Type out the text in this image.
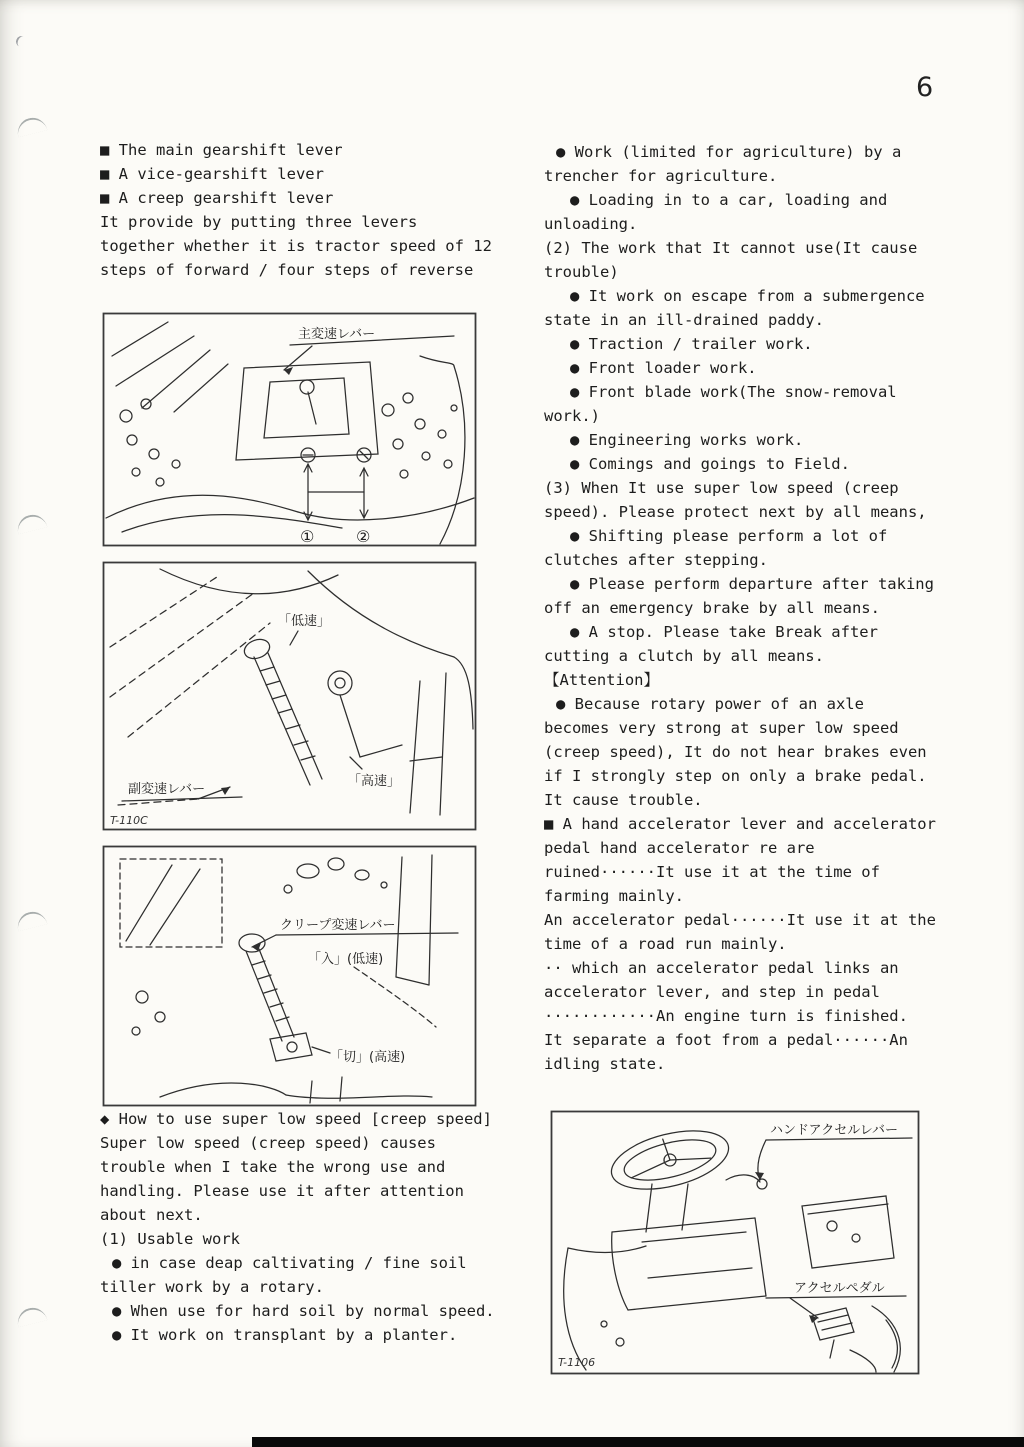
6

■ The main gearshift lever

■ A vice-gearshift lever

■ A creep gearshift lever

It provide by putting three levers together whether it is tractor speed of 12 steps of forward / four steps of reverse

主変速レバー
①	②
「低速」
「高速」
副変速レバー
T-110C
クリープ変速レバー
「入」(低速)
「切」(高速)

◆ How to use super low speed [creep speed]

Super low speed (creep speed) causes trouble when I take the wrong use and handling. Please use it after attention about next.

(1) Usable work

● in case deap caltivating / fine soil tiller work by a rotary.

● When use for hard soil by normal speed.

● It work on transplant by a planter.

● Work (limited for agriculture) by a trencher for agriculture.

● Loading in to a car, loading and unloading.

(2) The work that It cannot use(It cause trouble)

● It work on escape from a submergence state in an ill-drained paddy.

● Traction / trailer work.

● Front loader work.

● Front blade work(The snow-removal work.)

● Engineering works work.

● Comings and goings to Field.

(3) When It use super low speed (creep speed). Please protect next by all means,

● Shifting please perform a lot of clutches after stepping.

● Please perform departure after taking off an emergency brake by all means.

● A stop. Please take Break after cutting a clutch by all means.

【Attention】

● Because rotary power of an axle becomes very strong at super low speed (creep speed), It do not hear brakes even if I strongly step on only a brake pedal. It cause trouble.

■ A hand accelerator lever and accelerator pedal hand accelerator re are ruined······It use it at the time of farming mainly.

An accelerator pedal······It use it at the time of a road run mainly.

·· which an accelerator pedal links an accelerator lever, and step in pedal ············An engine turn is finished.

It separate a foot from a pedal······An idling state.

ハンドアクセルレバー
アクセルペダル
T-1106
